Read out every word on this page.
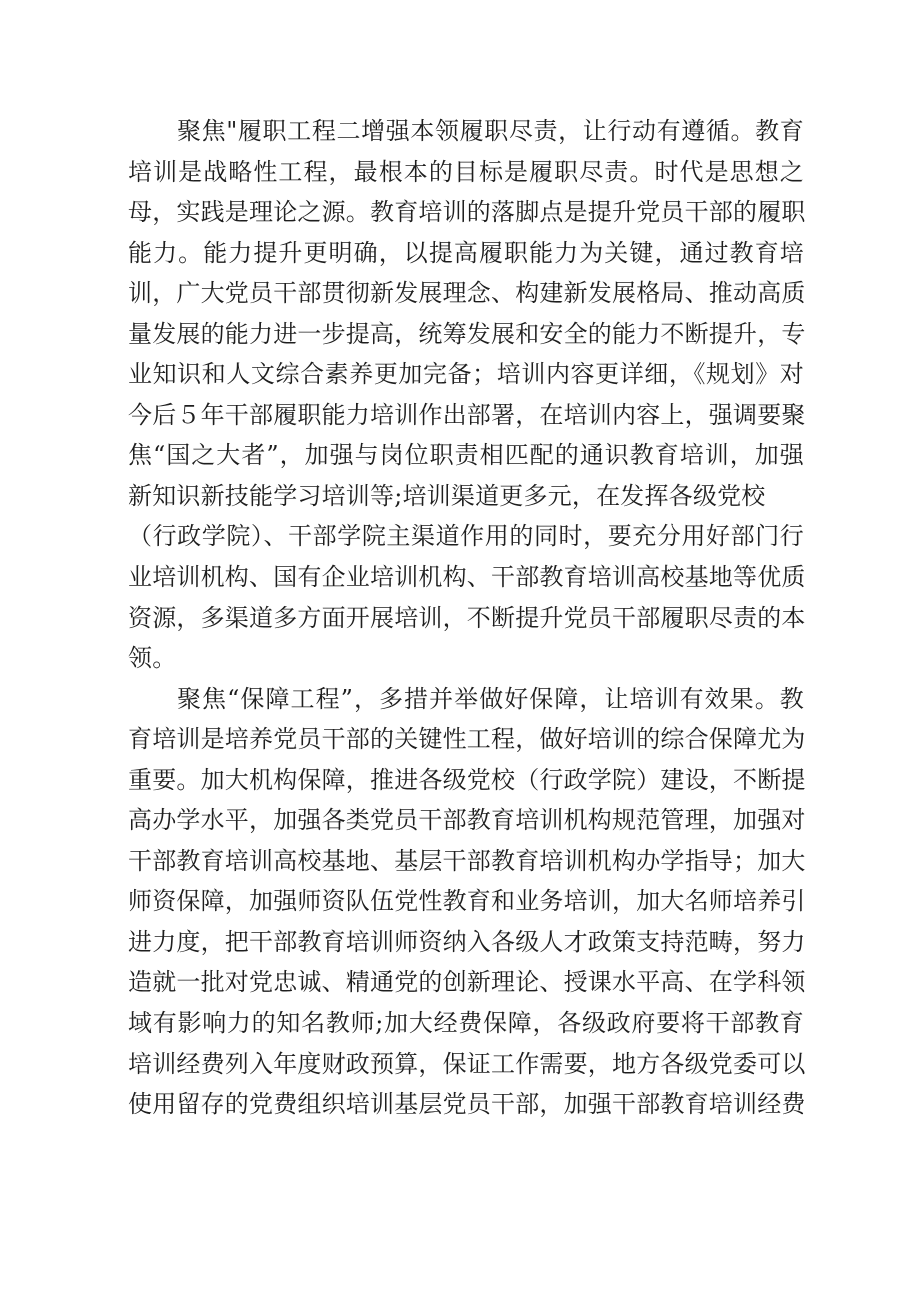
聚焦"履职工程二增强本领履职尽责，让行动有遵循。教育
培训是战略性工程，最根本的目标是履职尽责。时代是思想之
母，实践是理论之源。教育培训的落脚点是提升党员干部的履职
能力。能力提升更明确，以提高履职能力为关键，通过教育培
训，广大党员干部贯彻新发展理念、构建新发展格局、推动高质
量发展的能力进一步提高，统筹发展和安全的能力不断提升，专
业知识和人文综合素养更加完备；培训内容更详细，《规划》对
今后５年干部履职能力培训作出部署，在培训内容上，强调要聚
焦“国之大者”，加强与岗位职责相匹配的通识教育培训，加强
新知识新技能学习培训等;培训渠道更多元，在发挥各级党校
（行政学院）、干部学院主渠道作用的同时，要充分用好部门行
业培训机构、国有企业培训机构、干部教育培训高校基地等优质
资源，多渠道多方面开展培训，不断提升党员干部履职尽责的本
领。

聚焦“保障工程”，多措并举做好保障，让培训有效果。教
育培训是培养党员干部的关键性工程，做好培训的综合保障尤为
重要。加大机构保障，推进各级党校（行政学院）建设，不断提
高办学水平，加强各类党员干部教育培训机构规范管理，加强对
干部教育培训高校基地、基层干部教育培训机构办学指导；加大
师资保障，加强师资队伍党性教育和业务培训，加大名师培养引
进力度，把干部教育培训师资纳入各级人才政策支持范畴，努力
造就一批对党忠诚、精通党的创新理论、授课水平高、在学科领
域有影响力的知名教师;加大经费保障，各级政府要将干部教育
培训经费列入年度财政预算，保证工作需要，地方各级党委可以
使用留存的党费组织培训基层党员干部，加强干部教育培训经费
